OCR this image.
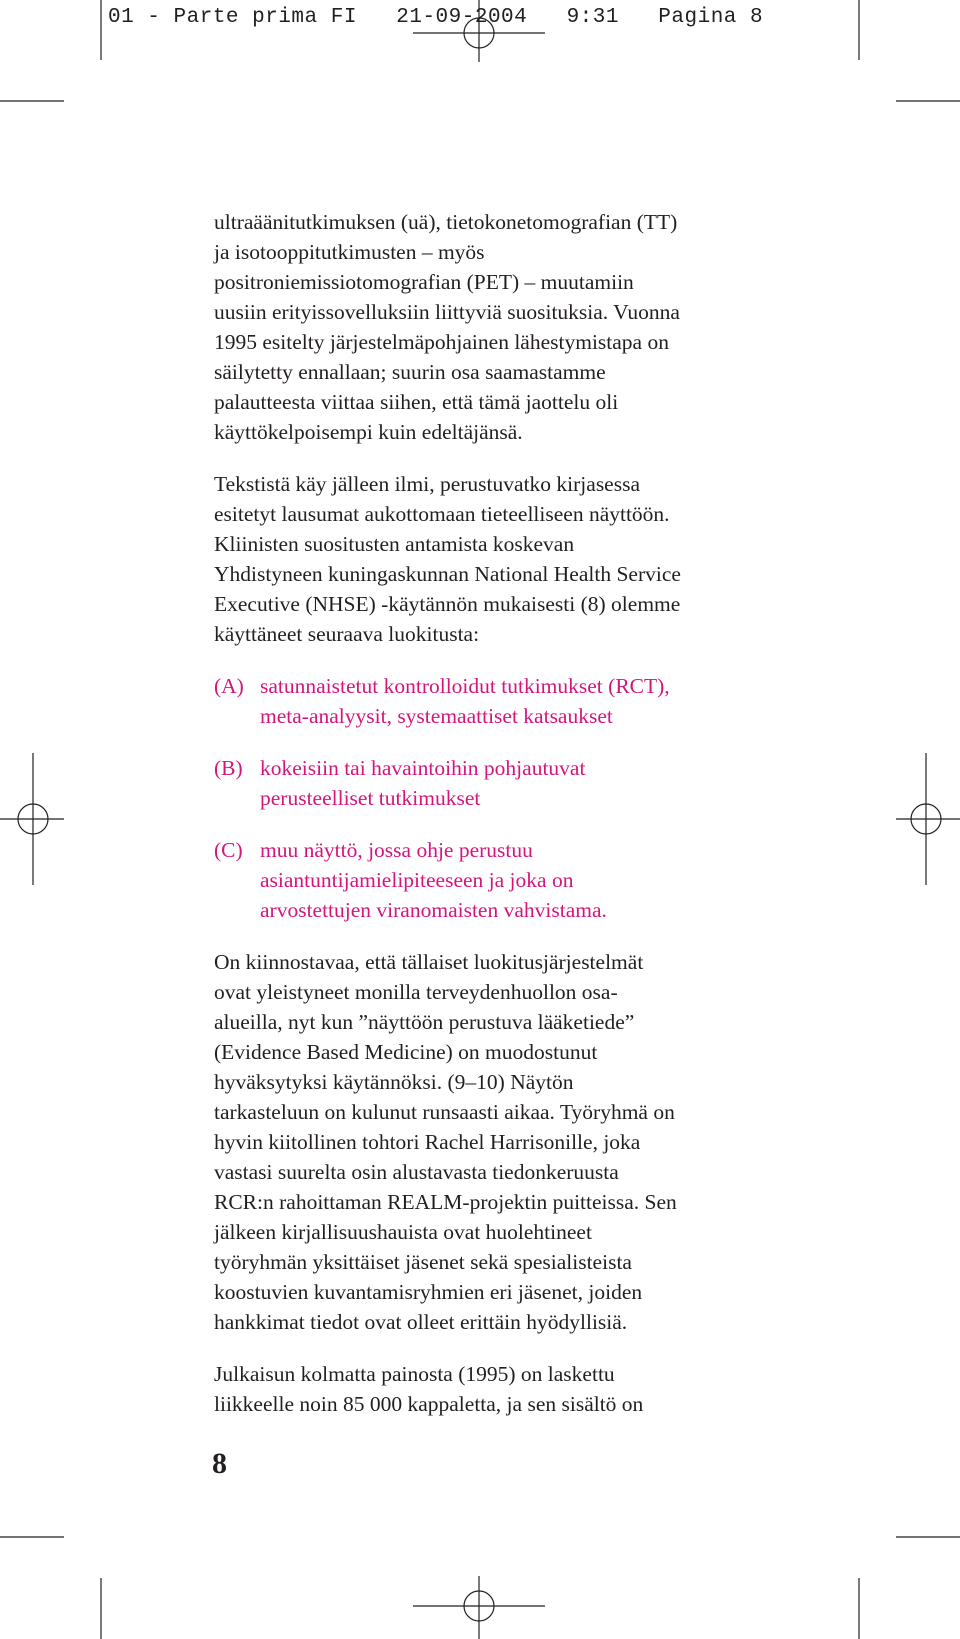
01 - Parte prima FI   21-09-2004   9:31   Pagina 8
ultraäänitutkimuksen (uä), tietokonetomografian (TT)
ja isotooppitutkimusten – myös
positroniemissiotomografian (PET) – muutamiin
uusiin erityissovelluksiin liittyviä suosituksia. Vuonna
1995 esitelty järjestelmäpohjainen lähestymistapa on
säilytetty ennallaan; suurin osa saamastamme
palautteesta viittaa siihen, että tämä jaottelu oli
käyttökelpoisempi kuin edeltäjänsä.
Tekstistä käy jälleen ilmi, perustuvatko kirjasessa
esitetyt lausumat aukottomaan tieteelliseen näyttöön.
Kliinisten suositusten antamista koskevan
Yhdistyneen kuningaskunnan National Health Service
Executive (NHSE) -käytännön mukaisesti (8) olemme
käyttäneet seuraava luokitusta:
(A) satunnaistetut kontrolloidut tutkimukset (RCT),
meta-analyysit, systemaattiset katsaukset
(B) kokeisiin tai havaintoihin pohjautuvat
perusteelliset tutkimukset
(C) muu näyttö, jossa ohje perustuu
asiantuntijamielipiteeseen ja joka on
arvostettujen viranomaisten vahvistama.
On kiinnostavaa, että tällaiset luokitusjärjestelmät
ovat yleistyneet monilla terveydenhuollon osa-
alueilla, nyt kun ”näyttöön perustuva lääketiede”
(Evidence Based Medicine) on muodostunut
hyväksytyksi käytännöksi. (9–10) Näytön
tarkasteluun on kulunut runsaasti aikaa. Työryhmä on
hyvin kiitollinen tohtori Rachel Harrisonille, joka
vastasi suurelta osin alustavasta tiedonkeruusta
RCR:n rahoittaman REALM-projektin puitteissa. Sen
jälkeen kirjallisuushauista ovat huolehtineet
työryhmän yksittäiset jäsenet sekä spesialisteista
koostuvien kuvantamisryhmien eri jäsenet, joiden
hankkimat tiedot ovat olleet erittäin hyödyllisiä.
Julkaisun kolmatta painosta (1995) on laskettu
liikkeelle noin 85 000 kappaletta, ja sen sisältö on
8
